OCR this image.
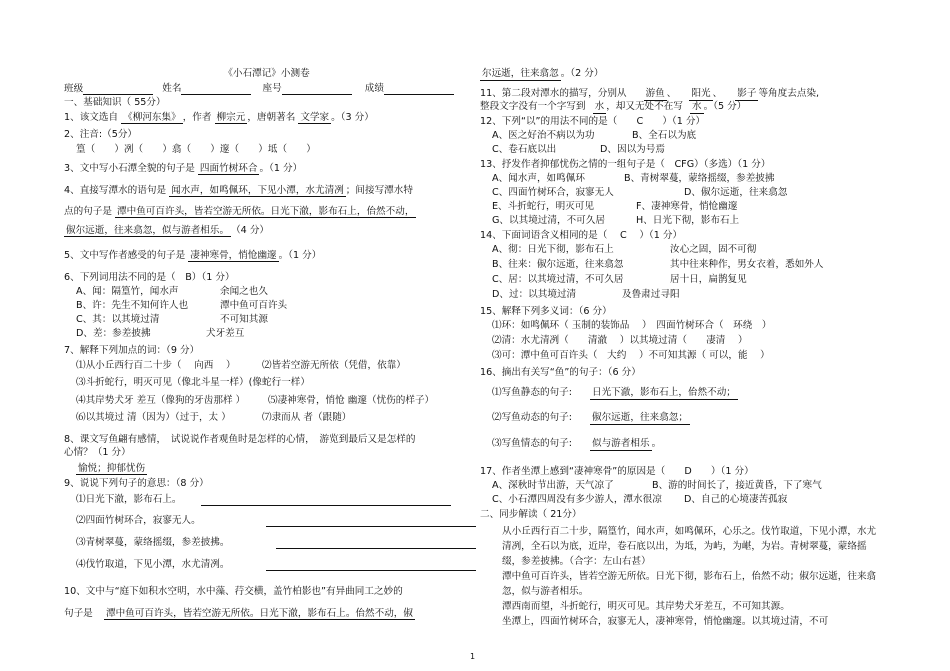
《小石潭记》小测卷
班级	姓名	座号	成绩
一、基础知识（ 55分）
1、该文选自 《柳河东集》 ，作者 柳宗元 ，唐朝著名 文学家 。（3 分）
2、注音:（5分）
篁（　　）冽（　　）翕（　　）邃（　　）坻（　　）
3、文中写小石潭全貌的句子是 四面竹树环合 。（1 分）
4、直接写潭水的语句是 闻水声，如鸣佩环，下见小潭，水尤清冽 ；间接写潭水特
点的句子是 潭中鱼可百许头，皆若空游无所依。日光下澈，影布石上，佁然不动，
俶尔远逝，往来翕忽，似与游者相乐。 （4 分）
5、文中写作者感受的句子是 凄神寒骨，悄怆幽邃 。（1 分）
6、下列词用法不同的是（　B）（1 分）
A、闻：隔篁竹，闻水声	余闻之也久
B、许：先生不知何许人也	潭中鱼可百许头
C、其：以其境过清	不可知其源
D、差：参差披拂	犬牙差互
7、解释下列加点的词：（9 分）
⑴从小丘西行百二十步（　 向西　 ）	⑵皆若空游无所依（凭借，依靠）
⑶斗折蛇行，明灭可见（像北斗星一样）(像蛇行一样）
⑷其岸势犬牙 差互（像狗的牙齿那样 ） ⑸凄神寒骨，悄怆 幽邃（忧伤的样子）
⑹以其境过 清（因为）（过于，太 ）	⑺隶而从 者（跟随）
8、课文写鱼翩有感情，　试说说作者观鱼时是怎样的心情，　游览到最后又是怎样的
心情？（1 分）
愉悦；抑郁忧伤
9、说说下列句子的意思：（8 分）
⑴日光下澈，影布石上。
⑵四面竹树环合，寂寥无人。
⑶青树翠蔓，蒙络摇缀，参差披拂。
⑷伐竹取道，下见小潭，水尤清冽。
10、文中与“庭下如积水空明，水中藻、荇交横，盖竹柏影也”有异曲同工之妙的
句子是 潭中鱼可百许头，皆若空游无所依。日光下澈，影布石上。佁然不动，俶
尔远逝，往来翕忽 。（2 分）
11、第二段对潭水的描写，分别从 游鱼 、 阳光 、 影子 等角度去点染,
整段文字没有一个字写到 水 ，却又无处不在写 水 。（5 分）
12、下列“以”的用法不同的是（　　C　　）（1 分）
A、医之好治不病以为功	B、全石以为底
C、卷石底以出	D、因以为号焉
13、抒发作者抑郁忧伤之情的一组句子是（　CFG）（多选）（1 分）
A、闻水声，如鸣佩环	B、青树翠蔓，蒙络摇缀，参差披拂
C、四面竹树环合，寂寥无人	D、俶尔远逝，往来翕忽
E、斗折蛇行，明灭可见	F、凄神寒骨，悄怆幽邃
G、以其境过清，不可久居	H、日光下彻，影布石上
14、下面词语含义相同的是（　 C　 ）（1 分）
A、彻：日光下彻，影布石上	汝心之固，固不可彻
B、往来：俶尔远逝，往来翕忽	其中往来种作，男女衣着，悉如外人
C、居：以其境过清，不可久居	居十日，扁鹊复见
D、过：以其境过清	及鲁肃过寻阳
15、解释下列多义词：（6 分）
⑴环：如鸣佩环（ 玉制的装饰品　 ）　四面竹树环合（　环绕　）
⑵清：水尤清冽（　　清澈　 ）以其境过清（　　凄清　 ）
⑶可：潭中鱼可百许头（　大约　 ）不可知其源（ 可以，能　 ）
16、摘出有关写“鱼”的句子：（6 分）
⑴写鱼静态的句子: 日光下澈，影布石上，佁然不动；
⑵写鱼动态的句子: 俶尔远逝，往来翕忽；
⑶写鱼情态的句子: 似与游者相乐 。
17、作者坐潭上感到“凄神寒骨”的原因是（　　D　　）（1 分）
A、深秋时节出游，天气凉了	B、游的时间长了，接近黄昏，下了寒气
C、小石潭四周没有多少游人，潭水很凉 D、自己的心境凄苦孤寂
二、同步解读（ 21分）
从小丘西行百二十步，隔篁竹，闻水声，如鸣佩环，心乐之。伐竹取道，下见小潭，水尤清冽，全石以为底，近岸，卷石底以出，为坻，为屿，为嵁，为岩。青树翠蔓，蒙络摇缀，参差披拂。（合字：左山右甚）
潭中鱼可百许头，皆若空游无所依。日光下彻，影布石上，佁然不动；俶尔远逝，往来翕忽，似与游者相乐。
潭西南而望，斗折蛇行，明灭可见。其岸势犬牙差互，不可知其源。
坐潭上，四面竹树环合，寂寥无人，凄神寒骨，悄怆幽邃。以其境过清，不可
1
